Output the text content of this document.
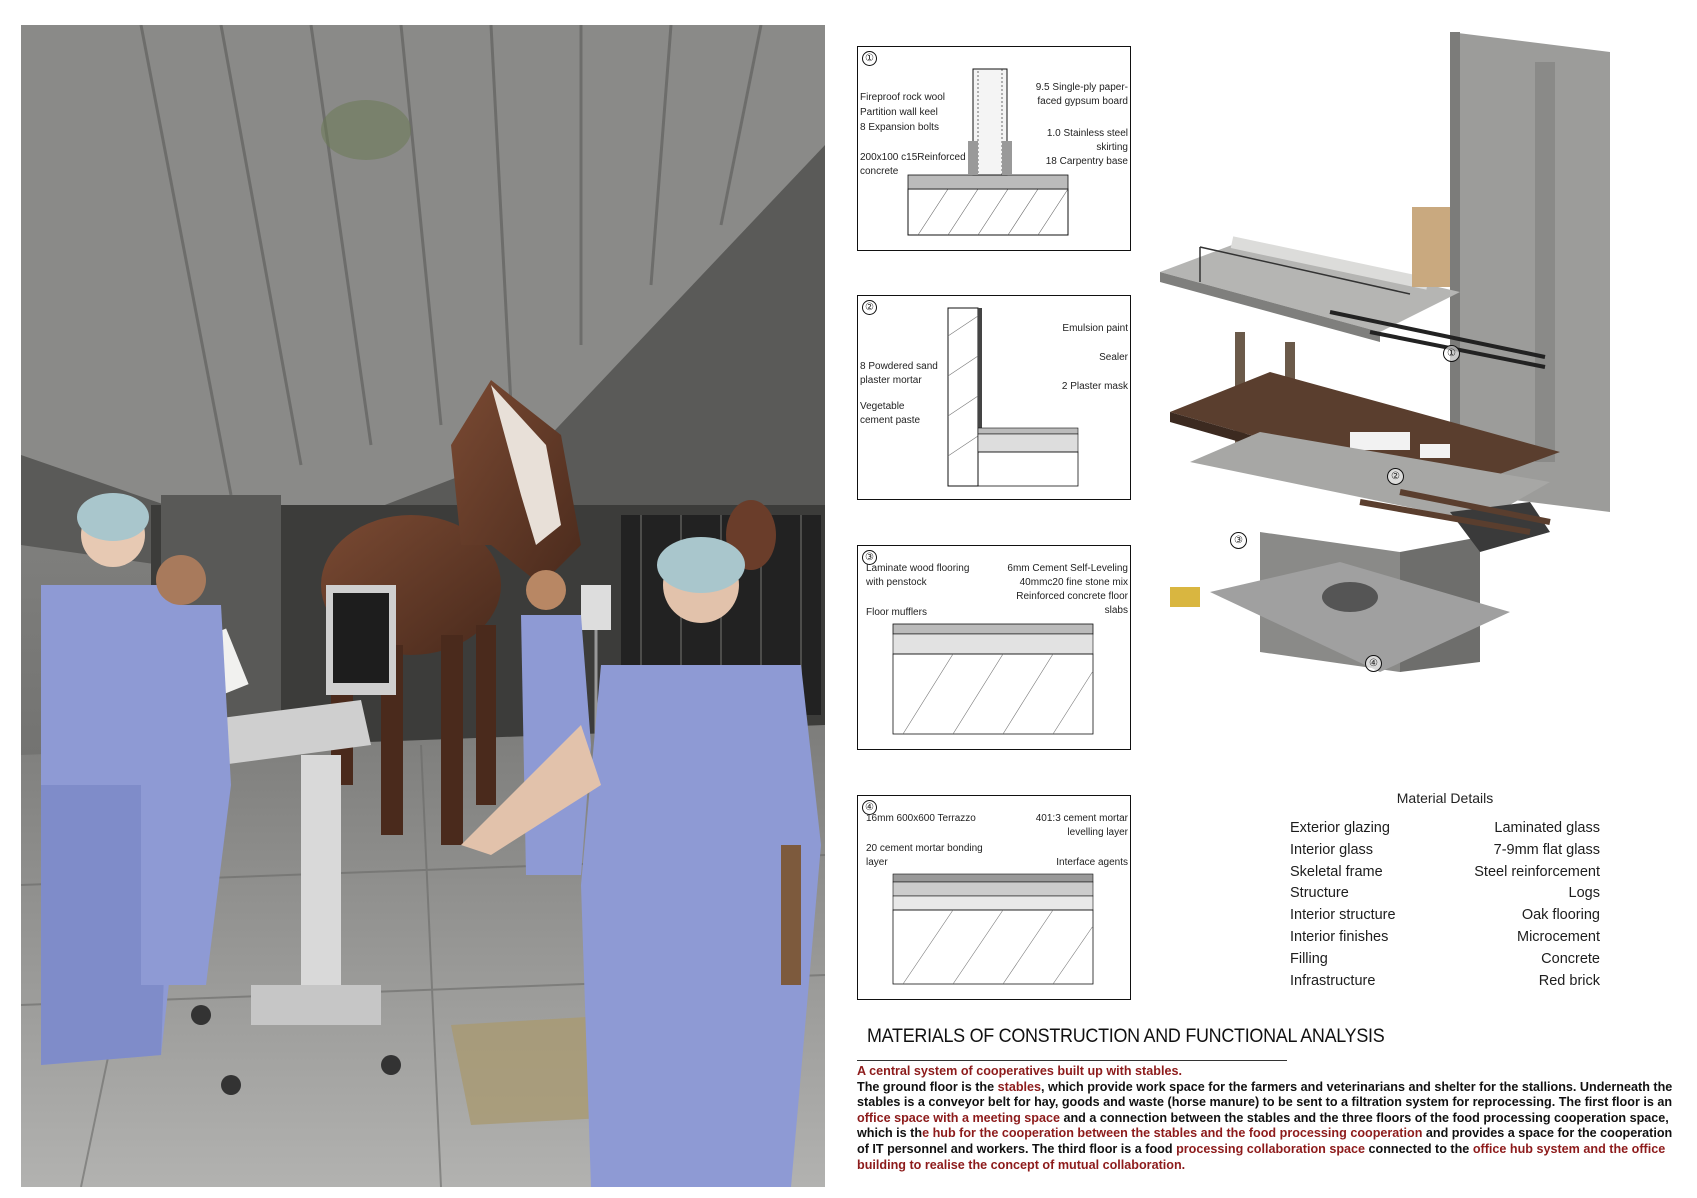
①
Fireproof rock wool
Partition wall keel
8 Expansion bolts
200x100 c15Reinforced
concrete
9.5 Single-ply paper-
faced gypsum board
1.0 Stainless steel
skirting
18 Carpentry base
②
8 Powdered sand
plaster mortar
Vegetable
cement paste
Emulsion paint
Sealer
2 Plaster mask
③
Laminate wood flooring
with penstock
Floor mufflers
6mm Cement Self-Leveling
40mmc20 fine stone mix
Reinforced concrete floor
slabs
④
16mm 600x600 Terrazzo
20 cement mortar bonding
layer
401:3 cement mortar
levelling layer
Interface agents
①
②
③
④
Material Details
Exterior glazing	Laminated glass
Interior glass	7-9mm flat glass
Skeletal frame	Steel reinforcement
Structure	Logs
Interior structure	Oak flooring
Interior finishes	Microcement
Filling	Concrete
Infrastructure	Red brick
MATERIALS OF CONSTRUCTION AND FUNCTIONAL ANALYSIS
A central system of cooperatives built up with stables.
The ground floor is the stables, which provide work space for the farmers and veterinarians and shelter for the stallions. Underneath the stables is a conveyor belt for hay, goods and waste (horse manure) to be sent to a filtration system for reprocessing. The first floor is an office space with a meeting space and a connection between the stables and the three floors of the food processing cooperation space, which is the hub for the cooperation between the stables and the food processing cooperation and provides a space for the cooperation of IT personnel and workers. The third floor is a food processing collaboration space connected to the office hub system and the office building to realise the concept of mutual collaboration.
